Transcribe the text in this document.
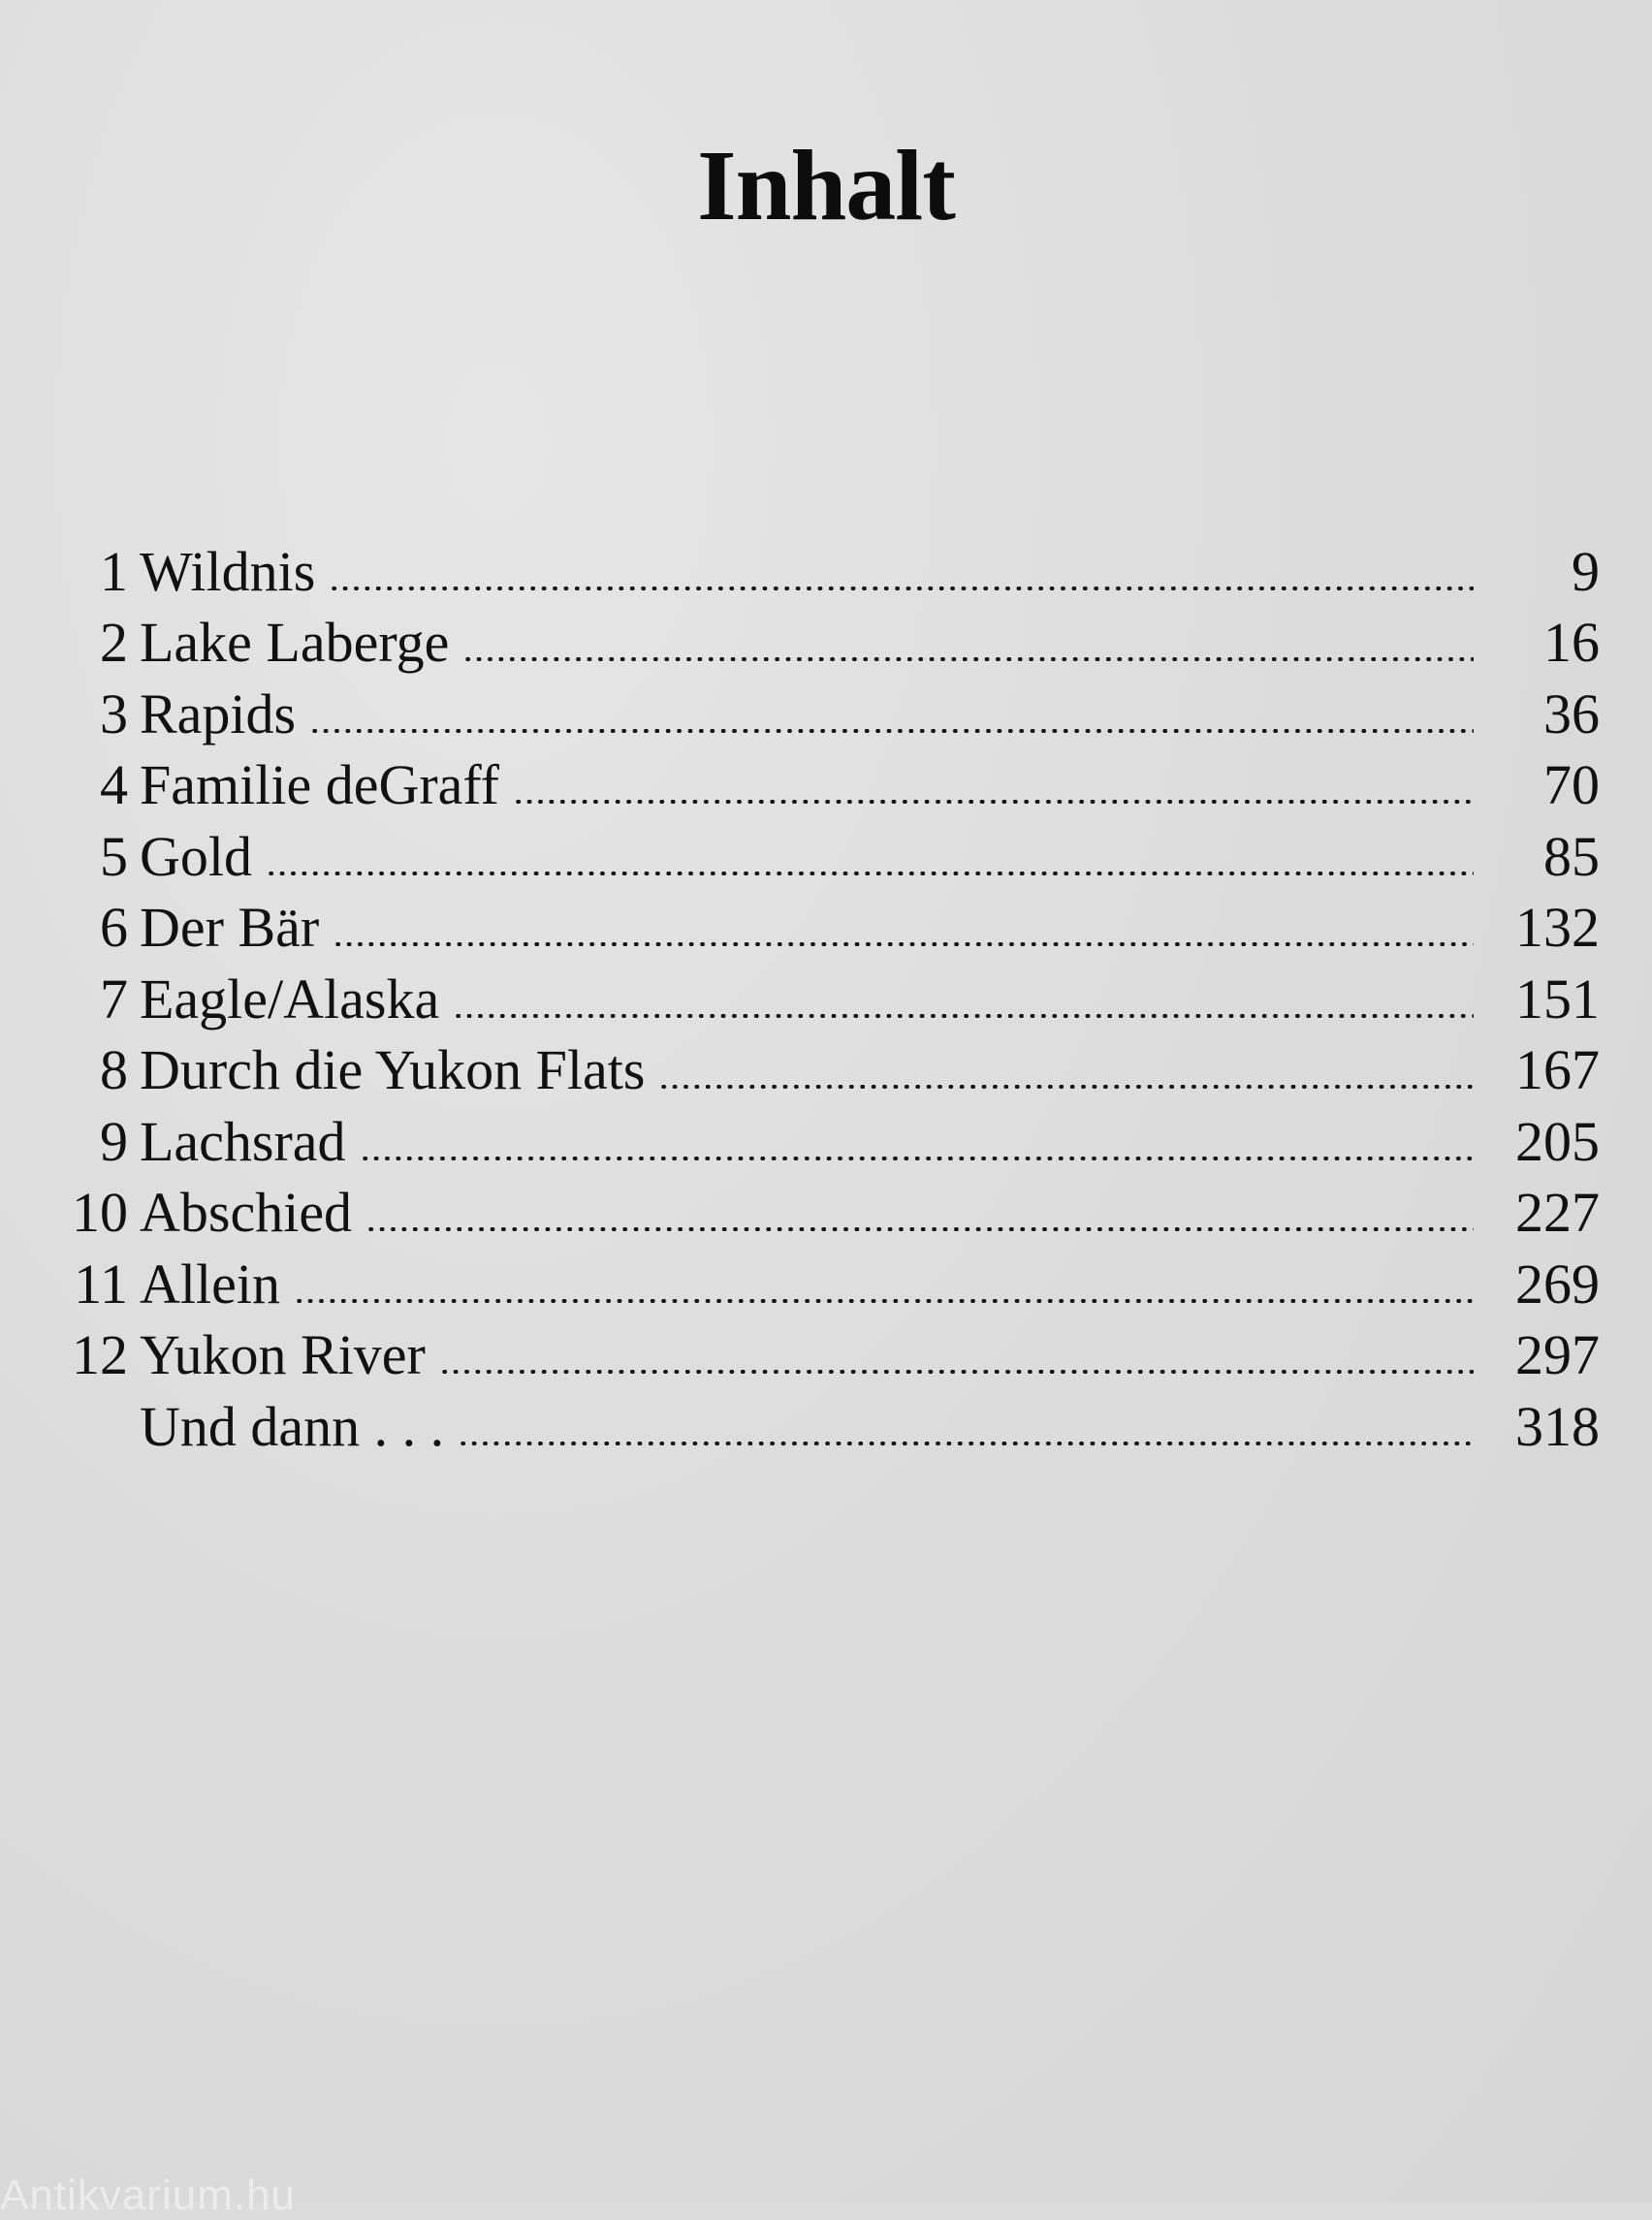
Inhalt
1 Wildnis	9
2 Lake Laberge	16
3 Rapids	36
4 Familie deGraff	70
5 Gold	85
6 Der Bär	132
7 Eagle/Alaska	151
8 Durch die Yukon Flats	167
9 Lachsrad	205
10 Abschied	227
11 Allein	269
12 Yukon River	297
Und dann . . .	318
Antikvarium.hu
